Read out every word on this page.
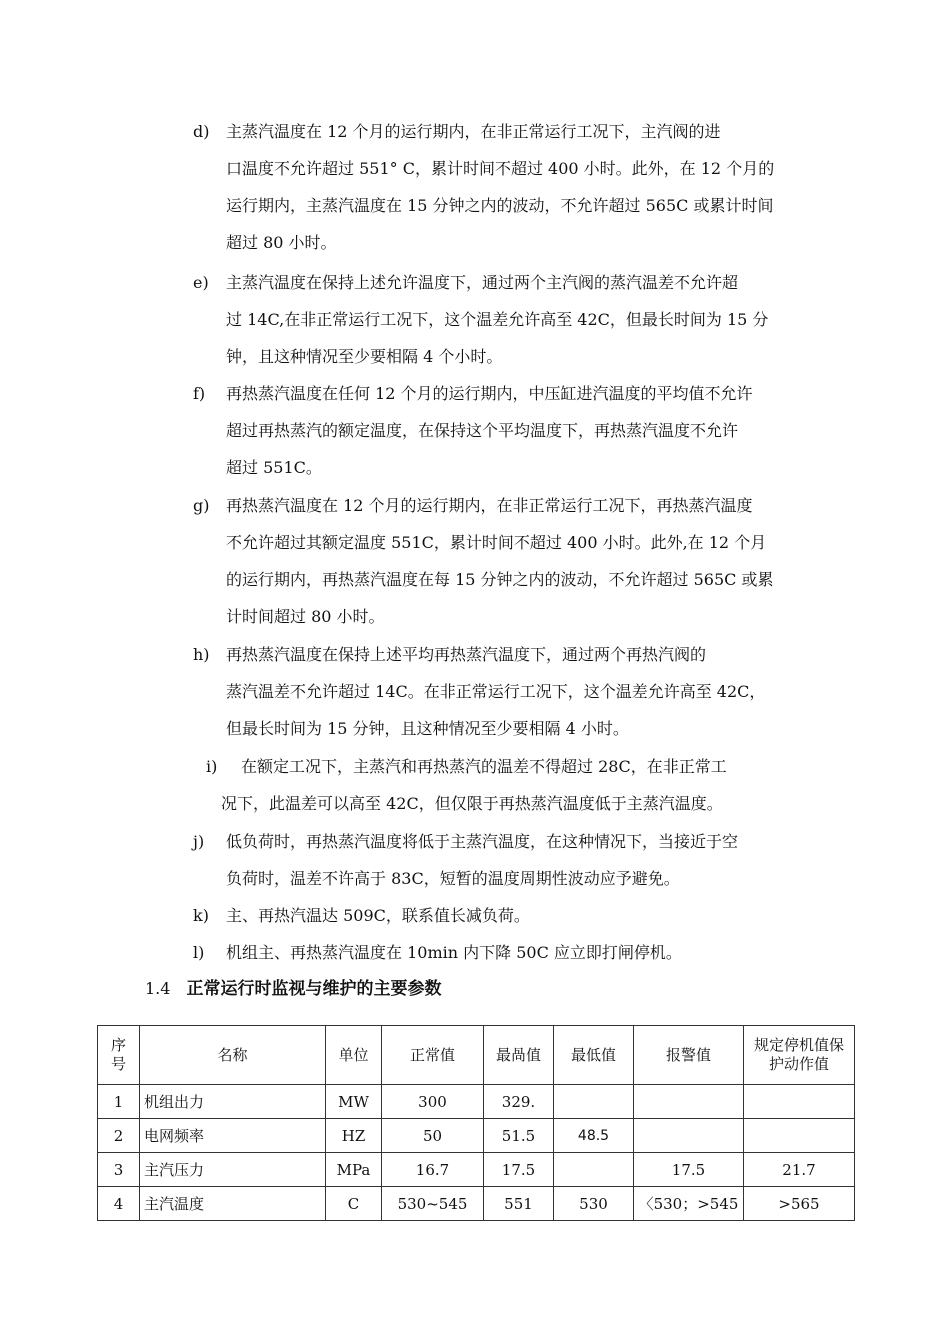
d) 主蒸汽温度在 12 个月的运行期内，在非正常运行工况下，主汽阀的进
口温度不允许超过 551° C，累计时间不超过 400 小时。此外，在 12 个月的
运行期内，主蒸汽温度在 15 分钟之内的波动，不允许超过 565C 或累计时间
超过 80 小时。
e) 主蒸汽温度在保持上述允许温度下，通过两个主汽阀的蒸汽温差不允许超
过 14C,在非正常运行工况下，这个温差允许高至 42C，但最长时间为 15 分
钟，且这种情况至少要相隔 4 个小时。
f) 再热蒸汽温度在任何 12 个月的运行期内，中压缸进汽温度的平均值不允许
超过再热蒸汽的额定温度，在保持这个平均温度下，再热蒸汽温度不允许
超过 551C。
g) 再热蒸汽温度在 12 个月的运行期内，在非正常运行工况下，再热蒸汽温度
不允许超过其额定温度 551C，累计时间不超过 400 小时。此外,在 12 个月
的运行期内，再热蒸汽温度在每 15 分钟之内的波动，不允许超过 565C 或累
计时间超过 80 小时。
h) 再热蒸汽温度在保持上述平均再热蒸汽温度下，通过两个再热汽阀的
蒸汽温差不允许超过 14C。在非正常运行工况下，这个温差允许高至 42C，
但最长时间为 15 分钟，且这种情况至少要相隔 4 小时。
i) 在额定工况下，主蒸汽和再热蒸汽的温差不得超过 28C，在非正常工
况下，此温差可以高至 42C，但仅限于再热蒸汽温度低于主蒸汽温度。
j) 低负荷时，再热蒸汽温度将低于主蒸汽温度，在这种情况下，当接近于空
负荷时，温差不许高于 83C，短暂的温度周期性波动应予避免。
k) 主、再热汽温达 509C，联系值长减负荷。
l) 机组主、再热蒸汽温度在 10min 内下降 50C 应立即打闸停机。
1.4 正常运行时监视与维护的主要参数
序号	名称	单位	正常值	最咼值	最低值	报警值	规定停机值保护动作值
1	机组出力	MW	300	329.			
2	电网频率	HZ	50	51.5	48.5		
3	主汽压力	MPa	16.7	17.5		17.5	21.7
4	主汽温度	C	530~545	551	530	〈530；>545	>565
